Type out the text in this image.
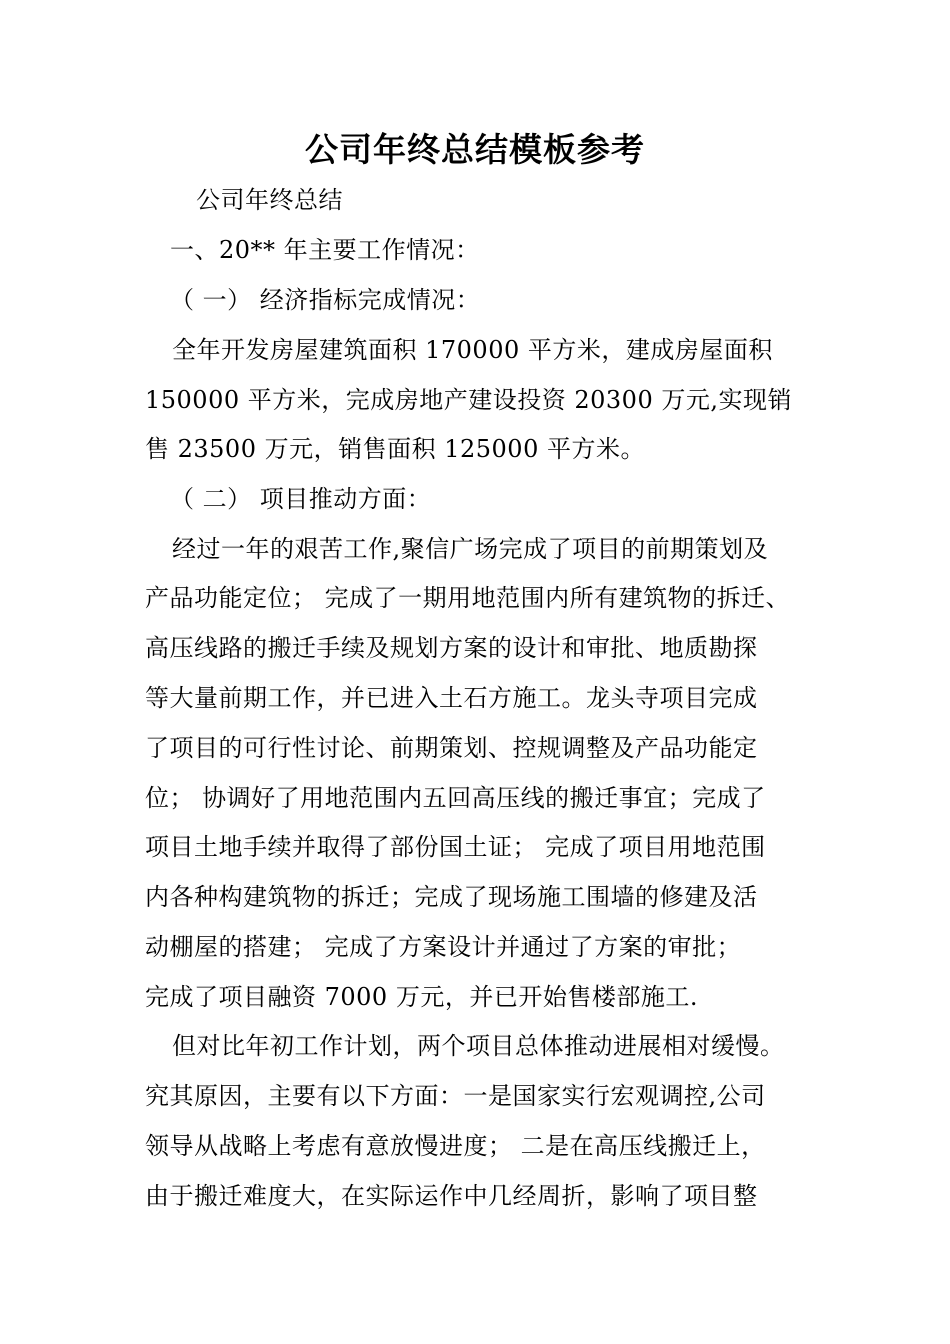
公司年终总结模板参考
公司年终总结
一、20** 年主要工作情况：
（ 一） 经济指标完成情况：
全年开发房屋建筑面积 170000 平方米，建成房屋面积
150000 平方米，完成房地产建设投资 20300 万元,实现销
售 23500 万元，销售面积 125000 平方米。
（ 二） 项目推动方面：
经过一年的艰苦工作,聚信广场完成了项目的前期策划及
产品功能定位； 完成了一期用地范围内所有建筑物的拆迁、
高压线路的搬迁手续及规划方案的设计和审批、地质勘探
等大量前期工作，并已进入土石方施工。龙头寺项目完成
了项目的可行性讨论、前期策划、控规调整及产品功能定
位； 协调好了用地范围内五回高压线的搬迁事宜；完成了
项目土地手续并取得了部份国土证； 完成了项目用地范围
内各种构建筑物的拆迁；完成了现场施工围墙的修建及活
动棚屋的搭建； 完成了方案设计并通过了方案的审批；
完成了项目融资 7000 万元，并已开始售楼部施工.
但对比年初工作计划，两个项目总体推动进展相对缓慢。
究其原因，主要有以下方面：一是国家实行宏观调控,公司
领导从战略上考虑有意放慢进度； 二是在高压线搬迁上，
由于搬迁难度大，在实际运作中几经周折，影响了项目整
